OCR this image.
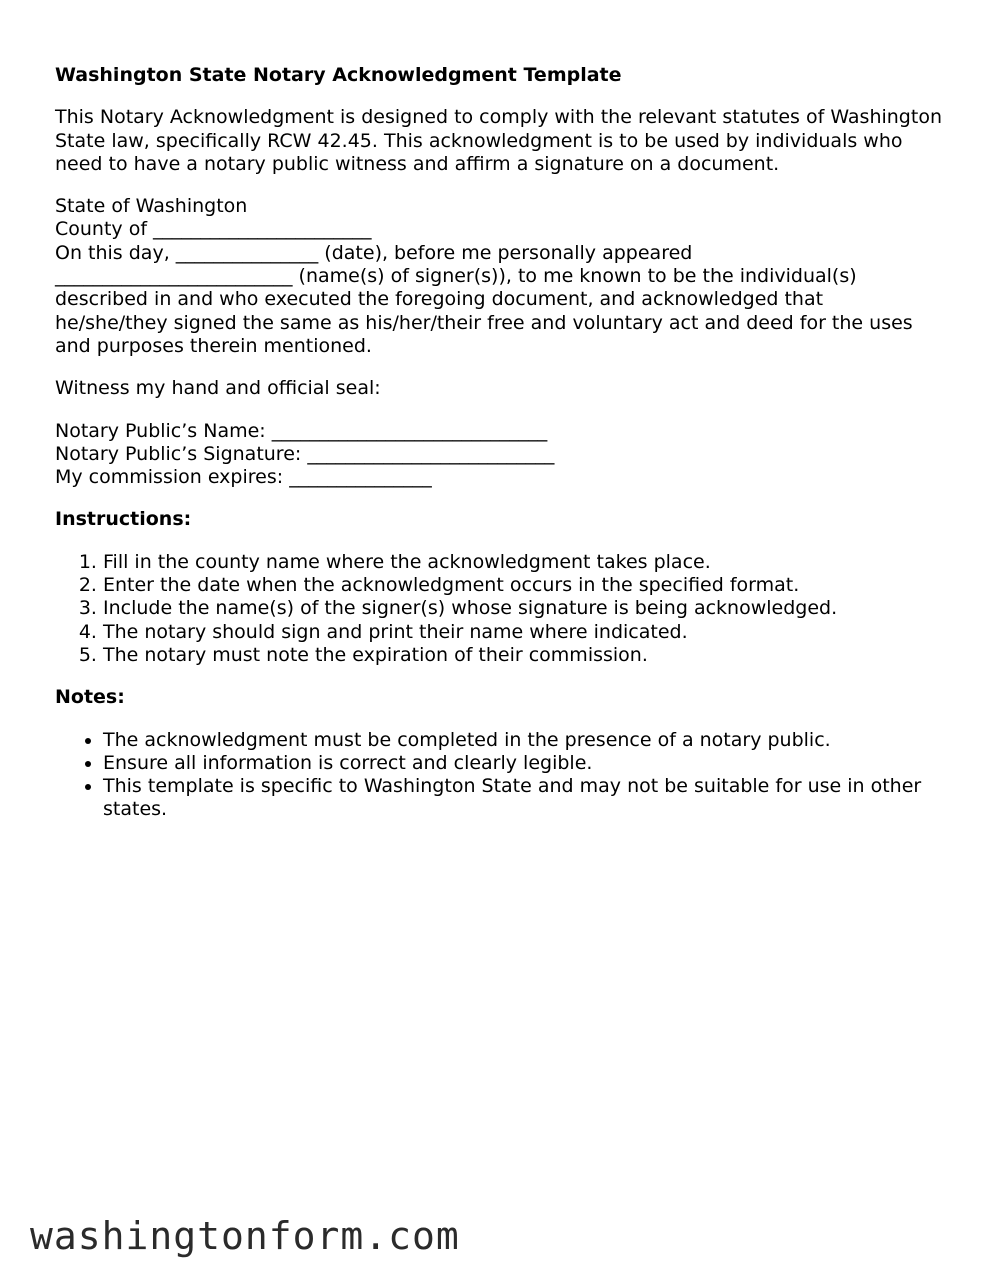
Washington State Notary Acknowledgment Template
This Notary Acknowledgment is designed to comply with the relevant statutes of Washington State law, specifically RCW 42.45. This acknowledgment is to be used by individuals who need to have a notary public witness and affirm a signature on a document.
State of Washington
County of _______________________
On this day, _______________ (date), before me personally appeared
_________________________ (name(s) of signer(s)), to me known to be the individual(s)
described in and who executed the foregoing document, and acknowledged that
he/she/they signed the same as his/her/their free and voluntary act and deed for the uses
and purposes therein mentioned.
Witness my hand and official seal:
Notary Public’s Name: _____________________________
Notary Public’s Signature: __________________________
My commission expires: _______________
Instructions:
1. Fill in the county name where the acknowledgment takes place.
2. Enter the date when the acknowledgment occurs in the specified format.
3. Include the name(s) of the signer(s) whose signature is being acknowledged.
4. The notary should sign and print their name where indicated.
5. The notary must note the expiration of their commission.
Notes:
• The acknowledgment must be completed in the presence of a notary public.
• Ensure all information is correct and clearly legible.
• This template is specific to Washington State and may not be suitable for use in other states.
washingtonform.com
